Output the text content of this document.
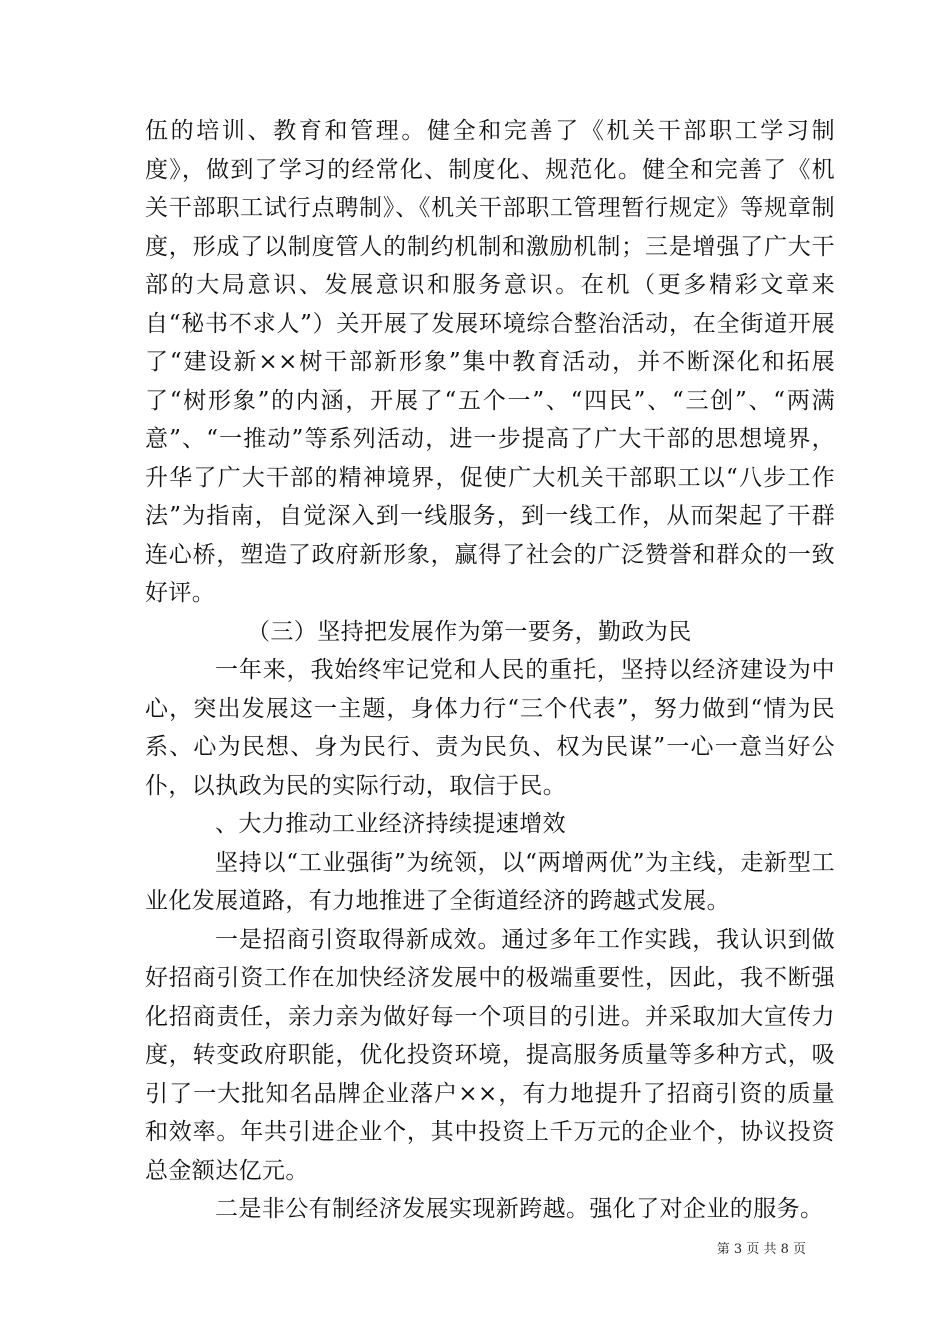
伍的培训、教育和管理。健全和完善了《机关干部职工学习制度》，做到了学习的经常化、制度化、规范化。健全和完善了《机关干部职工试行点聘制》、《机关干部职工管理暂行规定》等规章制度，形成了以制度管人的制约机制和激励机制；三是增强了广大干部的大局意识、发展意识和服务意识。在机（更多精彩文章来自“秘书不求人”）关开展了发展环境综合整治活动，在全街道开展了“建设新××树干部新形象”集中教育活动，并不断深化和拓展了“树形象”的内涵，开展了“五个一”、“四民”、“三创”、“两满意”、“一推动”等系列活动，进一步提高了广大干部的思想境界，升华了广大干部的精神境界，促使广大机关干部职工以“八步工作法”为指南，自觉深入到一线服务，到一线工作，从而架起了干群连心桥，塑造了政府新形象，赢得了社会的广泛赞誉和群众的一致好评。

（三）坚持把发展作为第一要务，勤政为民

一年来，我始终牢记党和人民的重托，坚持以经济建设为中心，突出发展这一主题，身体力行“三个代表”，努力做到“情为民系、心为民想、身为民行、责为民负、权为民谋”一心一意当好公仆，以执政为民的实际行动，取信于民。

、大力推动工业经济持续提速增效

坚持以“工业强街”为统领，以“两增两优”为主线，走新型工业化发展道路，有力地推进了全街道经济的跨越式发展。

一是招商引资取得新成效。通过多年工作实践，我认识到做好招商引资工作在加快经济发展中的极端重要性，因此，我不断强化招商责任，亲力亲为做好每一个项目的引进。并采取加大宣传力度，转变政府职能，优化投资环境，提高服务质量等多种方式，吸引了一大批知名品牌企业落户××，有力地提升了招商引资的质量和效率。年共引进企业个，其中投资上千万元的企业个，协议投资总金额达亿元。

二是非公有制经济发展实现新跨越。强化了对企业的服务。

第 3 页 共 8 页
